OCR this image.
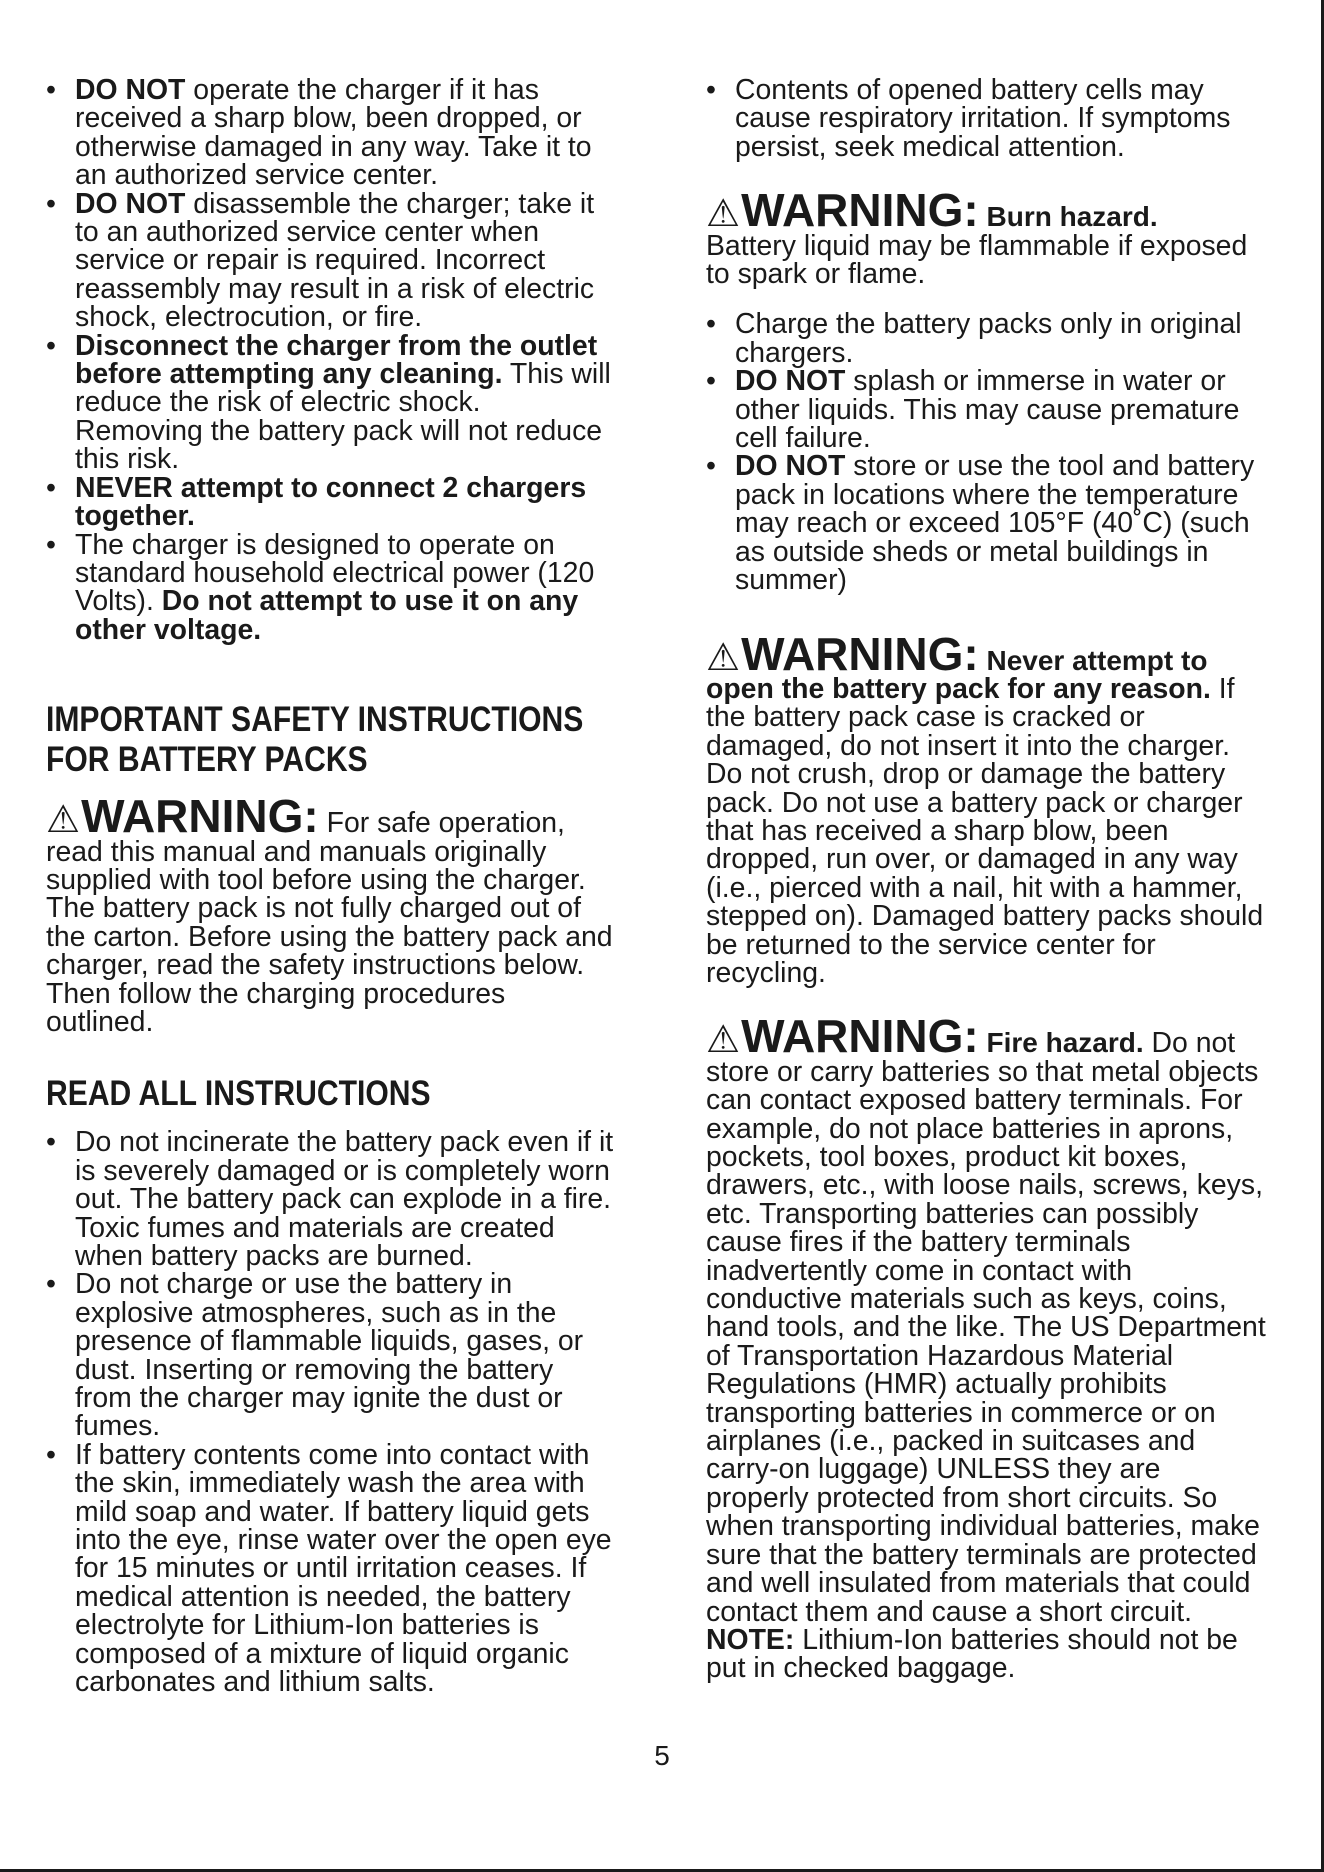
• DO NOT operate the charger if it has received a sharp blow, been dropped, or otherwise damaged in any way. Take it to an authorized service center.
• DO NOT disassemble the charger; take it to an authorized service center when service or repair is required. Incorrect reassembly may result in a risk of electric shock, electrocution, or fire.
• Disconnect the charger from the outlet before attempting any cleaning. This will reduce the risk of electric shock. Removing the battery pack will not reduce this risk.
• NEVER attempt to connect 2 chargers together.
• The charger is designed to operate on standard household electrical power (120 Volts). Do not attempt to use it on any other voltage.
IMPORTANT SAFETY INSTRUCTIONS
FOR BATTERY PACKS
⚠WARNING: For safe operation,

read this manual and manuals originally supplied with tool before using the charger. The battery pack is not fully charged out of the carton. Before using the battery pack and charger, read the safety instructions below. Then follow the charging procedures outlined.

READ ALL INSTRUCTIONS
• Do not incinerate the battery pack even if it is severely damaged or is completely worn out. The battery pack can explode in a fire. Toxic fumes and materials are created when battery packs are burned.
• Do not charge or use the battery in explosive atmospheres, such as in the presence of flammable liquids, gases, or dust. Inserting or removing the battery from the charger may ignite the dust or fumes.
• If battery contents come into contact with the skin, immediately wash the area with mild soap and water. If battery liquid gets into the eye, rinse water over the open eye for 15 minutes or until irritation ceases. If medical attention is needed, the battery electrolyte for Lithium-Ion batteries is composed of a mixture of liquid organic carbonates and lithium salts.
• Contents of opened battery cells may cause respiratory irritation. If symptoms persist, seek medical attention.
⚠WARNING: Burn hazard.

Battery liquid may be flammable if exposed to spark or flame.

• Charge the battery packs only in original chargers.
• DO NOT splash or immerse in water or other liquids. This may cause premature cell failure.
• DO NOT store or use the tool and battery pack in locations where the temperature may reach or exceed 105°F (40˚C) (such as outside sheds or metal buildings in summer)
⚠WARNING: Never attempt to

open the battery pack for any reason. If the battery pack case is cracked or damaged, do not insert it into the charger. Do not crush, drop or damage the battery pack. Do not use a battery pack or charger that has received a sharp blow, been dropped, run over, or damaged in any way (i.e., pierced with a nail, hit with a hammer, stepped on). Damaged battery packs should be returned to the service center for recycling.

⚠WARNING: Fire hazard. Do not store or carry batteries so that metal objects can contact exposed battery terminals. For example, do not place batteries in aprons, pockets, tool boxes, product kit boxes, drawers, etc., with loose nails, screws, keys, etc. Transporting batteries can possibly cause fires if the battery terminals inadvertently come in contact with conductive materials such as keys, coins, hand tools, and the like. The US Department of Transportation Hazardous Material Regulations (HMR) actually prohibits transporting batteries in commerce or on airplanes (i.e., packed in suitcases and carry-on luggage) UNLESS they are properly protected from short circuits. So when transporting individual batteries, make sure that the battery terminals are protected and well insulated from materials that could contact them and cause a short circuit.

NOTE: Lithium-Ion batteries should not be put in checked baggage.

5
